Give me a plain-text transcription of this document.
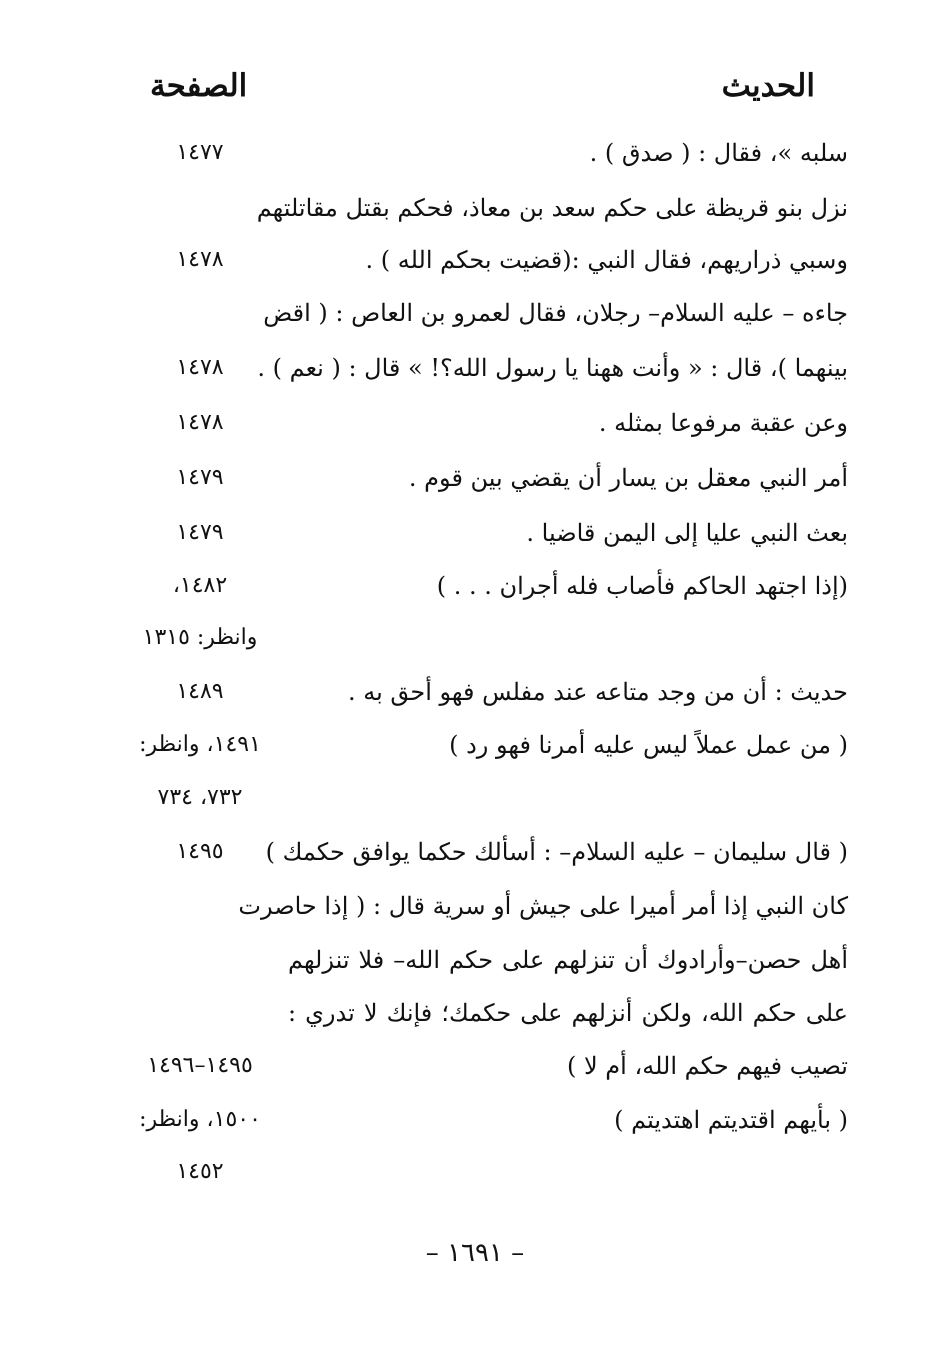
الحديث
الصفحة
سلبه »، فقال : ( صدق ) .
١٤٧٧
نزل بنو قريظة على حكم سعد بن معاذ، فحكم بقتل مقاتلتهم
وسبي ذراريهم، فقال النبي :(قضيت بحكم الله ) .
١٤٧٨
جاءه – عليه السلام– رجلان، فقال لعمرو بن العاص : ( اقض
بينهما )، قال : « وأنت ههنا يا رسول الله؟! » قال : ( نعم ) .
١٤٧٨
وعن عقبة مرفوعا بمثله .
١٤٧٨
أمر النبي معقل بن يسار أن يقضي بين قوم .
١٤٧٩
بعث النبي عليا إلى اليمن قاضيا .
١٤٧٩
(إذا اجتهد الحاكم فأصاب فله أجران . . . )
١٤٨٢،
وانظر: ١٣١٥
حديث : أن من وجد متاعه عند مفلس فهو أحق به .
١٤٨٩
( من عمل عملاً ليس عليه أمرنا فهو رد )
١٤٩١، وانظر:
٧٣٢، ٧٣٤
( قال سليمان – عليه السلام– : أسألك حكما يوافق حكمك )
١٤٩٥
كان النبي إذا أمر أميرا على جيش أو سرية قال : ( إذا حاصرت
أهل حصن–وأرادوك أن تنزلهم على حكم الله– فلا تنزلهم
على حكم الله، ولكن أنزلهم على حكمك؛ فإنك لا تدري :
تصيب فيهم حكم الله، أم لا )
١٤٩٥–١٤٩٦
( بأيهم اقتديتم اهتديتم )
١٥٠٠، وانظر:
١٤٥٢
– ١٦٩١ –
